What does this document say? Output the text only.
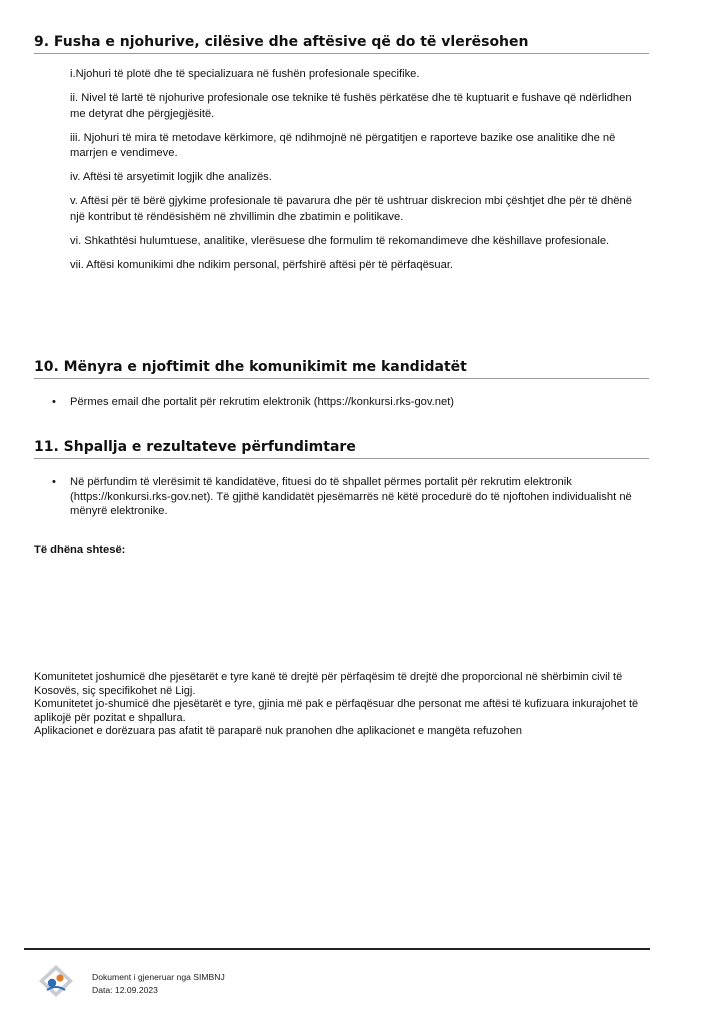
9. Fusha e njohurive, cilësive dhe aftësive që do të vlerësohen

i.Njohuri të plotë dhe të specializuara në fushën profesionale specifike.

ii. Nivel të lartë të njohurive profesionale ose teknike të fushës përkatëse dhe të kuptuarit e fushave që ndërlidhen me detyrat dhe përgjegjësitë.

iii. Njohuri të mira të metodave kërkimore, që ndihmojnë në përgatitjen e raporteve bazike ose analitike dhe në marrjen e vendimeve.

iv. Aftësi të arsyetimit logjik dhe analizës.

v. Aftësi për të bërë gjykime profesionale të pavarura dhe për të ushtruar diskrecion mbi çështjet dhe për të dhënë një kontribut të rëndësishëm në zhvillimin dhe zbatimin e politikave.

vi. Shkathtësi hulumtuese, analitike, vlerësuese dhe formulim të rekomandimeve dhe këshillave profesionale.

vii. Aftësi komunikimi dhe ndikim personal, përfshirë aftësi për të përfaqësuar.

10. Mënyra e njoftimit dhe komunikimit me kandidatët
• Përmes email dhe portalit për rekrutim elektronik (https://konkursi.rks-gov.net)
11. Shpallja e rezultateve përfundimtare
• Në përfundim të vlerësimit të kandidatëve, fituesi do të shpallet përmes portalit për rekrutim elektronik (https://konkursi.rks-gov.net). Të gjithë kandidatët pjesëmarrës në këtë procedurë do të njoftohen individualisht në mënyrë elektronike.
Të dhëna shtesë:
Komunitetet joshumicë dhe pjesëtarët e tyre kanë të drejtë për përfaqësim të drejtë dhe proporcional në shërbimin civil të Kosovës, siç specifikohet në Ligj.
Komunitetet jo-shumicë dhe pjesëtarët e tyre, gjinia më pak e përfaqësuar dhe personat me aftësi të kufizuara inkurajohet të aplikojë për pozitat e shpallura.
Aplikacionet e dorëzuara pas afatit të paraparë nuk pranohen dhe aplikacionet e mangëta refuzohen
Dokument i gjeneruar nga SIMBNJ
Data: 12.09.2023
